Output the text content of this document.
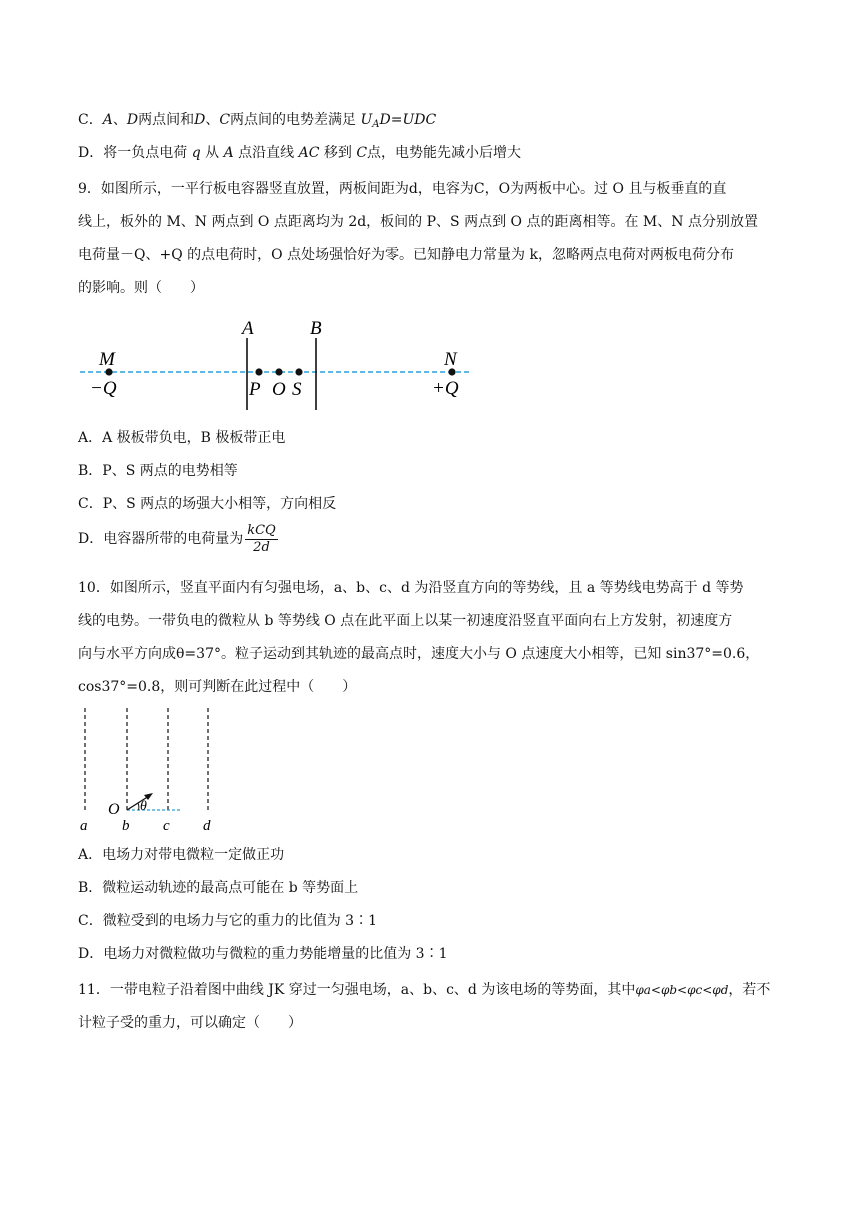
C．A、D两点间和D、C两点间的电势差满足 $U_AD=UDC$
D．将一负点电荷 q 从 A 点沿直线 AC 移到 C点，电势能先减小后增大
9．如图所示，一平行板电容器竖直放置，两板间距为d，电容为C，O为两板中心。过 O 且与板垂直的直
线上，板外的 M、N 两点到 O 点距离均为 2d，板间的 P、S 两点到 O 点的距离相等。在 M、N 点分别放置
电荷量－Q、+Q 的点电荷时，O 点处场强恰好为零。已知静电力常量为 k，忽略两点电荷对两板电荷分布
的影响。则（　　）
A	B
M
−Q	P O S
N
+Q
A．A 极板带负电，B 极板带正电
B．P、S 两点的电势相等
C．P、S 两点的场强大小相等，方向相反
D．电容器所带的电荷量为 $\frac{\text{kCQ}}{2d}$
10．如图所示，竖直平面内有匀强电场，a、b、c、d 为沿竖直方向的等势线，且 a 等势线电势高于 d 等势
线的电势。一带负电的微粒从 b 等势线 O 点在此平面上以某一初速度沿竖直平面向右上方发射，初速度方
向与水平方向成θ=37°。粒子运动到其轨迹的最高点时，速度大小与 O 点速度大小相等，已知 sin37°=0.6，
cos37°=0.8，则可判断在此过程中（　　）
O θ
a b c d
A．电场力对带电微粒一定做正功
B．微粒运动轨迹的最高点可能在 b 等势面上
C．微粒受到的电场力与它的重力的比值为 3∶1
D．电场力对微粒做功与微粒的重力势能增量的比值为 3∶1
11．一带电粒子沿着图中曲线 JK 穿过一匀强电场，a、b、c、d 为该电场的等势面，其中φa<φb<φc<φd，若不
计粒子受的重力，可以确定（　　）
